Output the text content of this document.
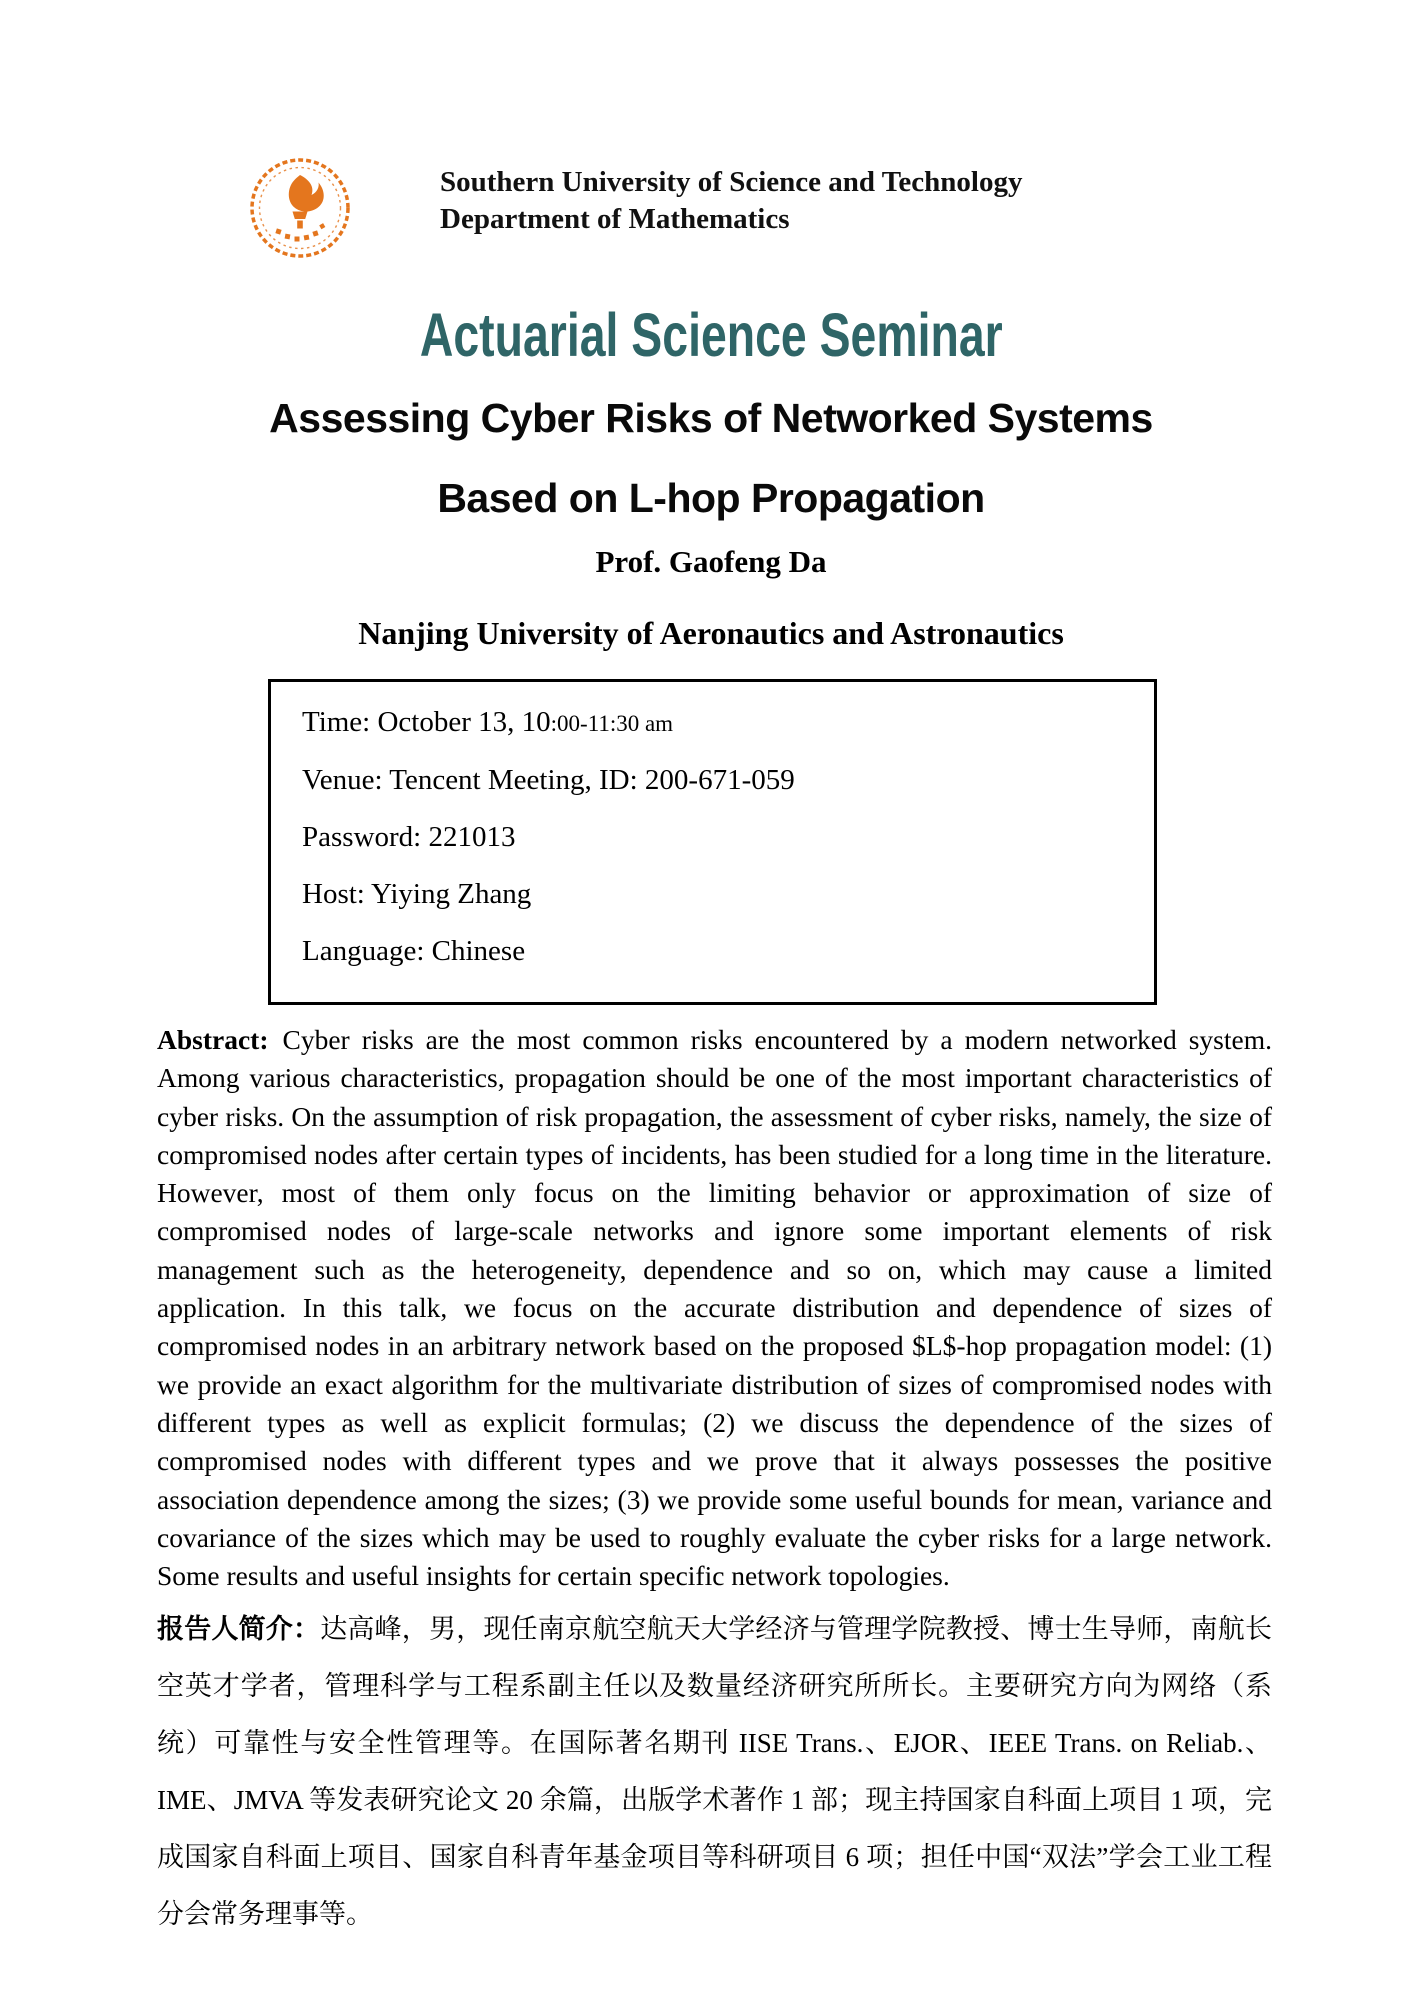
Southern University of Science and Technology
Department of Mathematics
Actuarial Science Seminar
Assessing Cyber Risks of Networked Systems
Based on L-hop Propagation
Prof. Gaofeng Da
Nanjing University of Aeronautics and Astronautics

Time: October 13, 10:00-11:30 am

Venue: Tencent Meeting, ID: 200-671-059

Password: 221013

Host: Yiying Zhang

Language: Chinese

Abstract: Cyber risks are the most common risks encountered by a modern networked system. Among various characteristics, propagation should be one of the most important characteristics of cyber risks. On the assumption of risk propagation, the assessment of cyber risks, namely, the size of compromised nodes after certain types of incidents, has been studied for a long time in the literature. However, most of them only focus on the limiting behavior or approximation of size of compromised nodes of large-scale networks and ignore some important elements of risk management such as the heterogeneity, dependence and so on, which may cause a limited application. In this talk, we focus on the accurate distribution and dependence of sizes of compromised nodes in an arbitrary network based on the proposed $L$-hop propagation model: (1) we provide an exact algorithm for the multivariate distribution of sizes of compromised nodes with different types as well as explicit formulas; (2) we discuss the dependence of the sizes of compromised nodes with different types and we prove that it always possesses the positive association dependence among the sizes; (3) we provide some useful bounds for mean, variance and covariance of the sizes which may be used to roughly evaluate the cyber risks for a large network. Some results and useful insights for certain specific network topologies.

报告人简介：达高峰，男，现任南京航空航天大学经济与管理学院教授、博士生导师，南航长空英才学者，管理科学与工程系副主任以及数量经济研究所所长。主要研究方向为网络（系统）可靠性与安全性管理等。在国际著名期刊 IISE Trans.、EJOR、IEEE Trans. on Reliab.、IME、JMVA 等发表研究论文 20 余篇，出版学术著作 1 部；现主持国家自科面上项目 1 项，完成国家自科面上项目、国家自科青年基金项目等科研项目 6 项；担任中国“双法”学会工业工程分会常务理事等。
